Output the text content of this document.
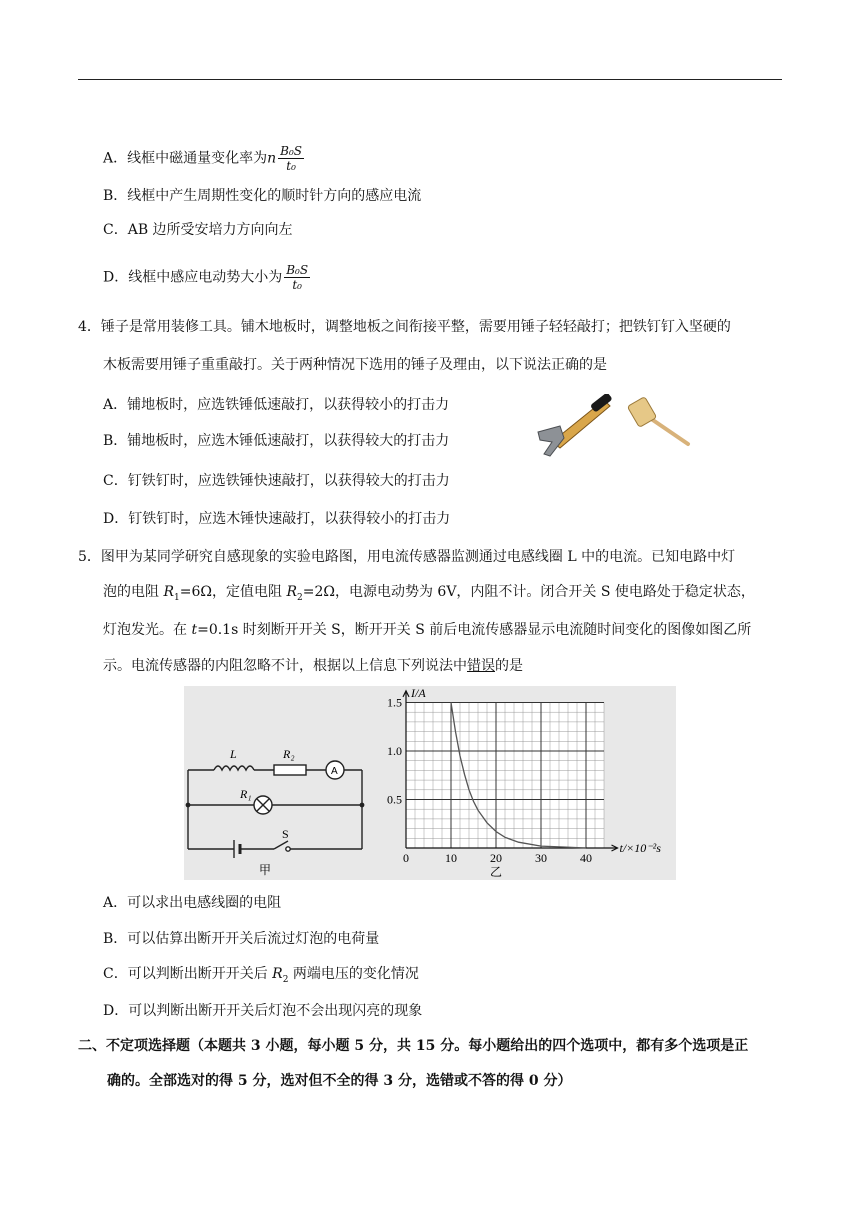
A．线框中磁通量变化率为n $\frac{\text{B₀S}}{\text{t₀}}$
B．线框中产生周期性变化的顺时针方向的感应电流
C．AB 边所受安培力方向向左
D．线框中感应电动势大小为 $\frac{\text{B₀S}}{\text{t₀}}$
4．锤子是常用装修工具。铺木地板时，调整地板之间衔接平整，需要用锤子轻轻敲打；把铁钉钉入坚硬的
木板需要用锤子重重敲打。关于两种情况下选用的锤子及理由，以下说法正确的是
A．铺地板时，应选铁锤低速敲打，以获得较小的打击力
B．铺地板时，应选木锤低速敲打，以获得较大的打击力
C．钉铁钉时，应选铁锤快速敲打，以获得较大的打击力
D．钉铁钉时，应选木锤快速敲打，以获得较小的打击力
5．图甲为某同学研究自感现象的实验电路图，用电流传感器监测通过电感线圈 L 中的电流。已知电路中灯
泡的电阻 $R_1=6\Omega$，定值电阻 $R_2=2\Omega$，电源电动势为 6V，内阻不计。闭合开关 S 使电路处于稳定状态，
灯泡发光。在 t=0.1s 时刻断开开关 S，断开开关 S 前后电流传感器显示电流随时间变化的图像如图乙所
示。电流传感器的内阻忽略不计，根据以上信息下列说法中错误的是
L	R₂
A
R₁
S
甲
0	10	20	30	40
0.5
1.0
1.5
I/A
t/×10⁻²s
乙
A．可以求出电感线圈的电阻
B．可以估算出断开开关后流过灯泡的电荷量
C．可以判断出断开开关后 $R_2$ 两端电压的变化情况
D．可以判断出断开开关后灯泡不会出现闪亮的现象
二、不定项选择题（本题共 3 小题，每小题 5 分，共 15 分。每小题给出的四个选项中，都有多个选项是正
确的。全部选对的得 5 分，选对但不全的得 3 分，选错或不答的得 0 分）
